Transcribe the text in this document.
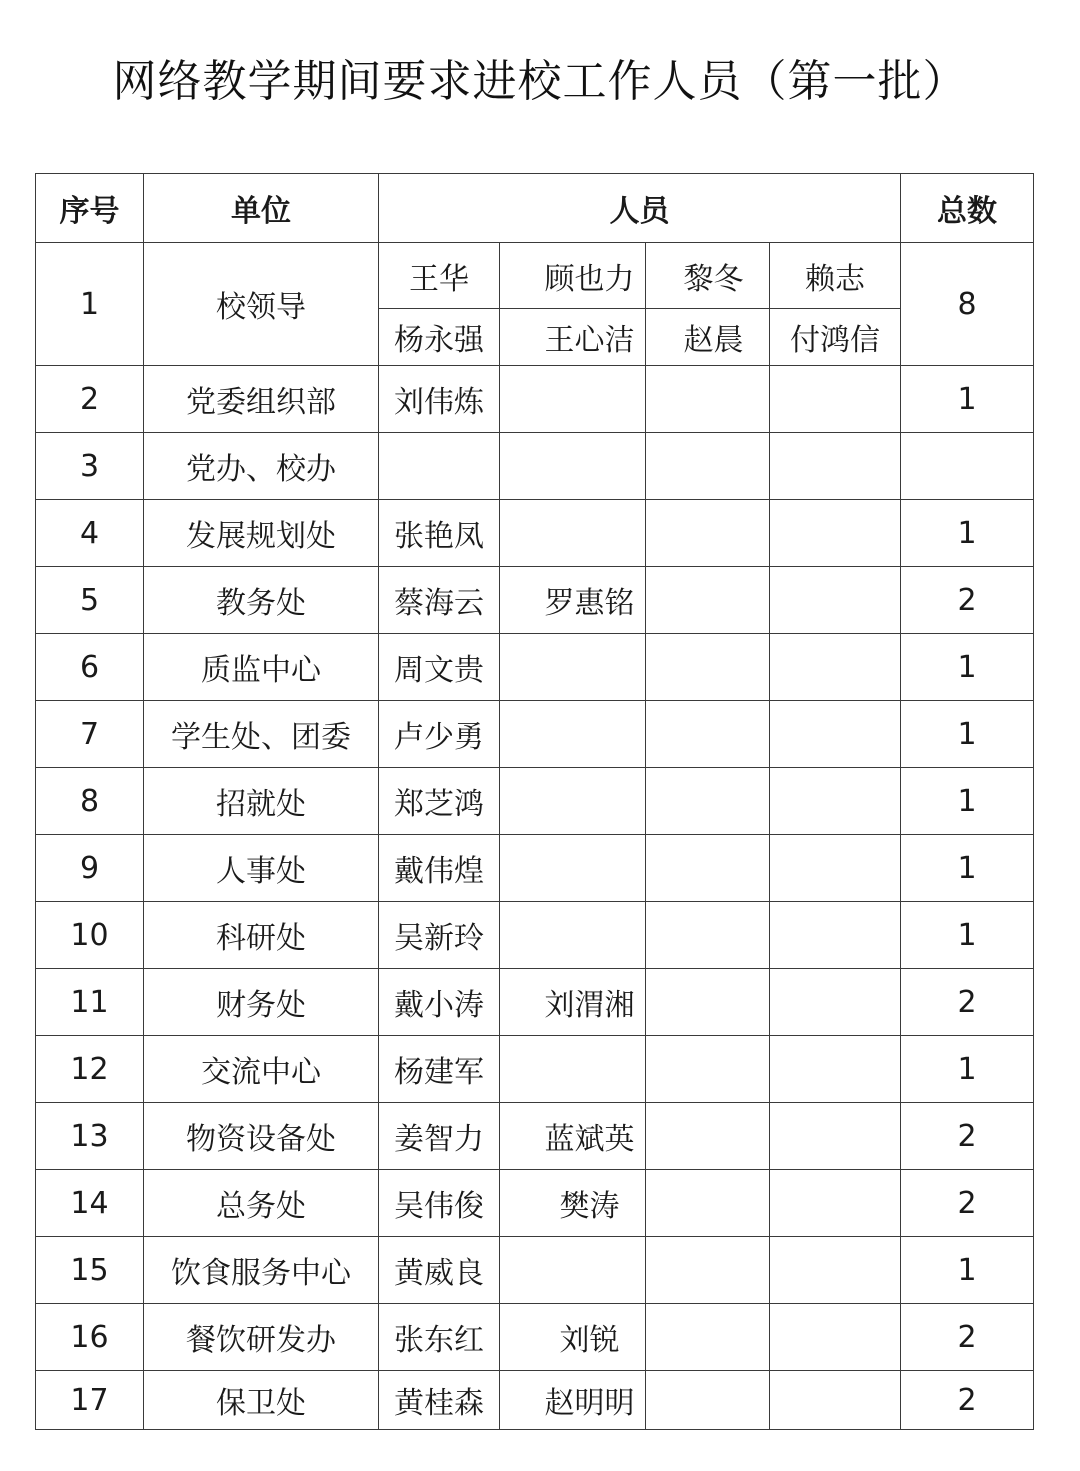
网络教学期间要求进校工作人员（第一批）
序号	单位	人员				总数
1	校领导	王华	顾也力	黎冬	赖志	8
		杨永强	王心洁	赵晨	付鸿信	
2	党委组织部	刘伟炼				1
3	党办、校办					
4	发展规划处	张艳凤				1
5	教务处	蔡海云	罗惠铭			2
6	质监中心	周文贵				1
7	学生处、团委	卢少勇				1
8	招就处	郑芝鸿				1
9	人事处	戴伟煌				1
10	科研处	吴新玲				1
11	财务处	戴小涛	刘渭湘			2
12	交流中心	杨建军				1
13	物资设备处	姜智力	蓝斌英			2
14	总务处	吴伟俊	樊涛			2
15	饮食服务中心	黄威良				1
16	餐饮研发办	张东红	刘锐			2
17	保卫处	黄桂森	赵明明			2
